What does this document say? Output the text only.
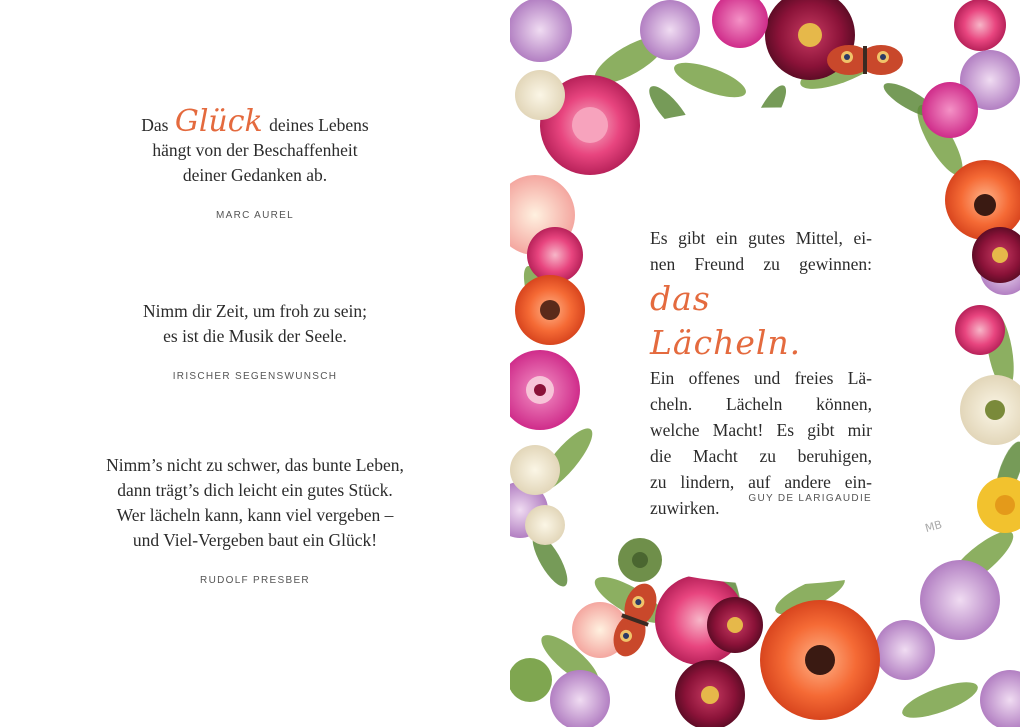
Das Glück deines Lebens
hängt von der Beschaffenheit
deiner Gedanken ab.
MARC AUREL
Nimm dir Zeit, um froh zu sein;
es ist die Musik der Seele.
IRISCHER SEGENSWUNSCH
Nimm’s nicht zu schwer, das bunte Leben,
dann trägt’s dich leicht ein gutes Stück.
Wer lächeln kann, kann viel vergeben –
und Viel-Vergeben baut ein Glück!
RUDOLF PRESBER
Es gibt ein gutes Mittel, ei-
nen Freund zu gewinnen:
das Lächeln.
Ein offenes und freies Lä-
cheln. Lächeln können,
welche Macht! Es gibt mir
die Macht zu beruhigen,
zu lindern, auf andere ein-
zuwirken.	GUY DE LARIGAUDIE
MB
